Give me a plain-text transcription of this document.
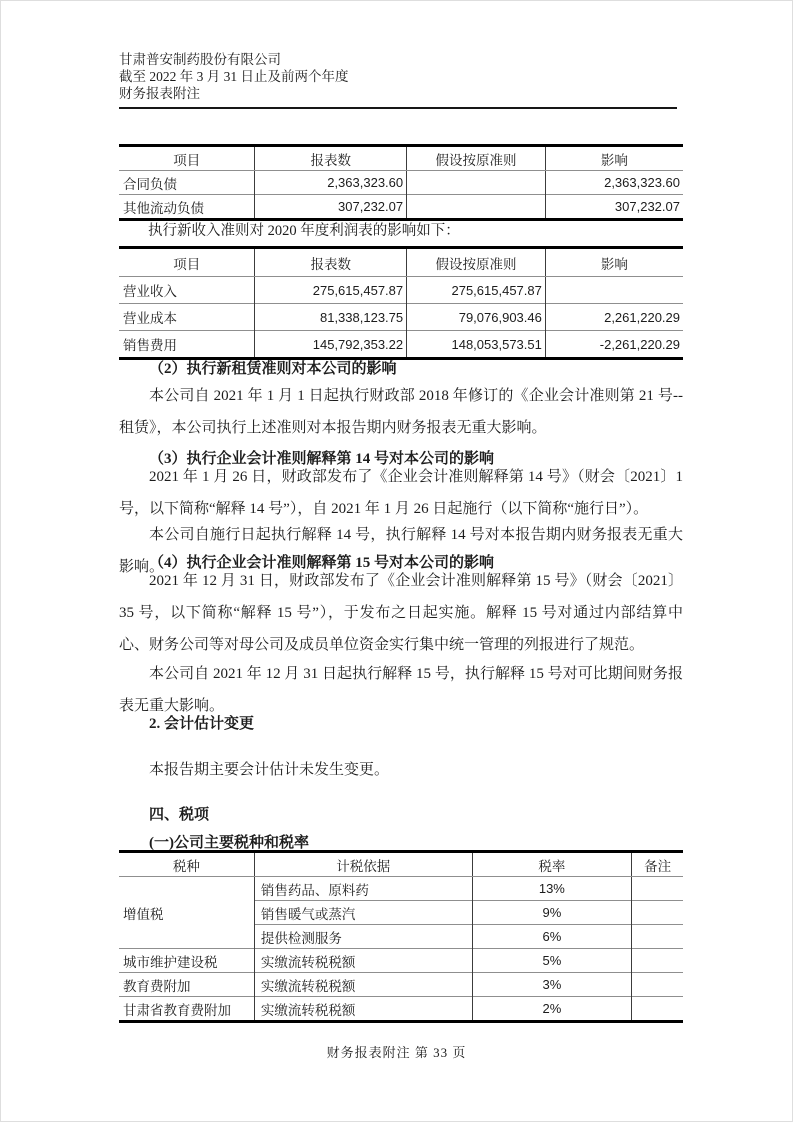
甘肃普安制药股份有限公司
截至 2022 年 3 月 31 日止及前两个年度
财务报表附注
项目	报表数	假设按原准则	影响
合同负债	2,363,323.60		2,363,323.60
其他流动负债	307,232.07		307,232.07
执行新收入准则对 2020 年度利润表的影响如下：
项目	报表数	假设按原准则	影响
营业收入	275,615,457.87	275,615,457.87	
营业成本	81,338,123.75	79,076,903.46	2,261,220.29
销售费用	145,792,353.22	148,053,573.51	-2,261,220.29
（2）执行新租赁准则对本公司的影响
本公司自 2021 年 1 月 1 日起执行财政部 2018 年修订的《企业会计准则第 21 号--租赁》，本公司执行上述准则对本报告期内财务报表无重大影响。
（3）执行企业会计准则解释第 14 号对本公司的影响
2021 年 1 月 26 日，财政部发布了《企业会计准则解释第 14 号》（财会〔2021〕1 号，以下简称“解释 14 号”），自 2021 年 1 月 26 日起施行（以下简称“施行日”）。
本公司自施行日起执行解释 14 号，执行解释 14 号对本报告期内财务报表无重大影响。
（4）执行企业会计准则解释第 15 号对本公司的影响
2021 年 12 月 31 日，财政部发布了《企业会计准则解释第 15 号》（财会〔2021〕35 号，以下简称“解释 15 号”），于发布之日起实施。解释 15 号对通过内部结算中心、财务公司等对母公司及成员单位资金实行集中统一管理的列报进行了规范。
本公司自 2021 年 12 月 31 日起执行解释 15 号，执行解释 15 号对可比期间财务报表无重大影响。
2. 会计估计变更
本报告期主要会计估计未发生变更。
四、税项
(一)公司主要税种和税率
税种	计税依据	税率	备注
增值税	销售药品、原料药	13%	
	销售暖气或蒸汽	9%	
	提供检测服务	6%	
城市维护建设税	实缴流转税税额	5%	
教育费附加	实缴流转税税额	3%	
甘肃省教育费附加	实缴流转税税额	2%	
财务报表附注 第 33 页
